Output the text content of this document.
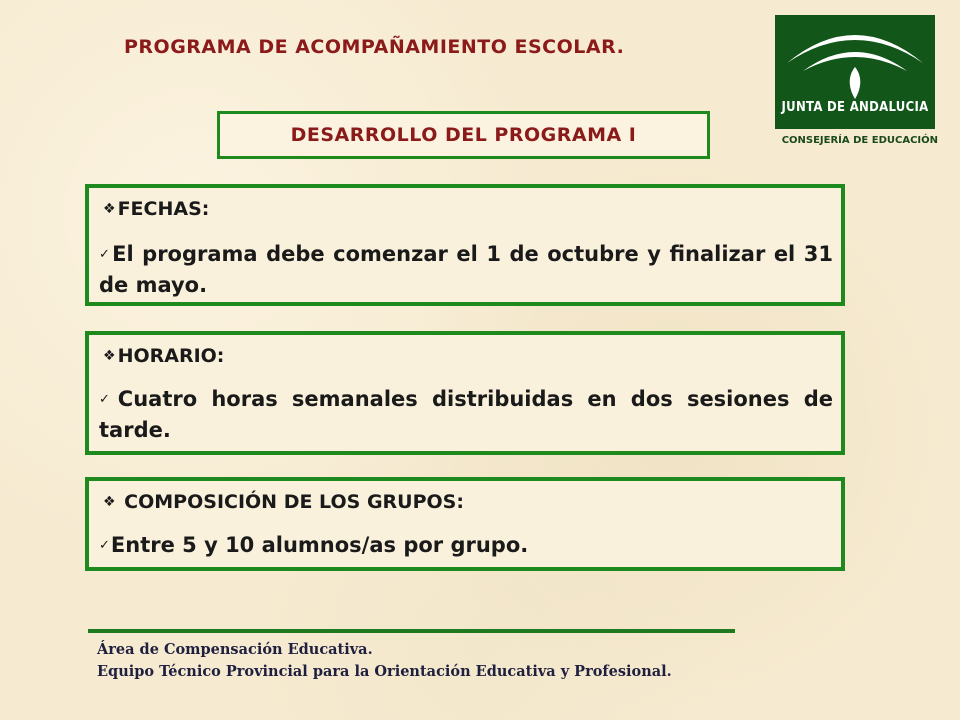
PROGRAMA DE ACOMPAÑAMIENTO ESCOLAR.
DESARROLLO DEL PROGRAMA I
JUNTA DE ANDALUCIA
CONSEJERÍA DE EDUCACIÓN
❖ FECHAS:
✓El programa debe comenzar el 1 de octubre y finalizar el 31 de mayo.
❖ HORARIO:
✓Cuatro horas semanales distribuidas en dos sesiones de tarde.
❖ COMPOSICIÓN DE LOS GRUPOS:
✓Entre 5 y 10 alumnos/as por grupo.
Área de Compensación Educativa.
Equipo Técnico Provincial para la Orientación Educativa y Profesional.
